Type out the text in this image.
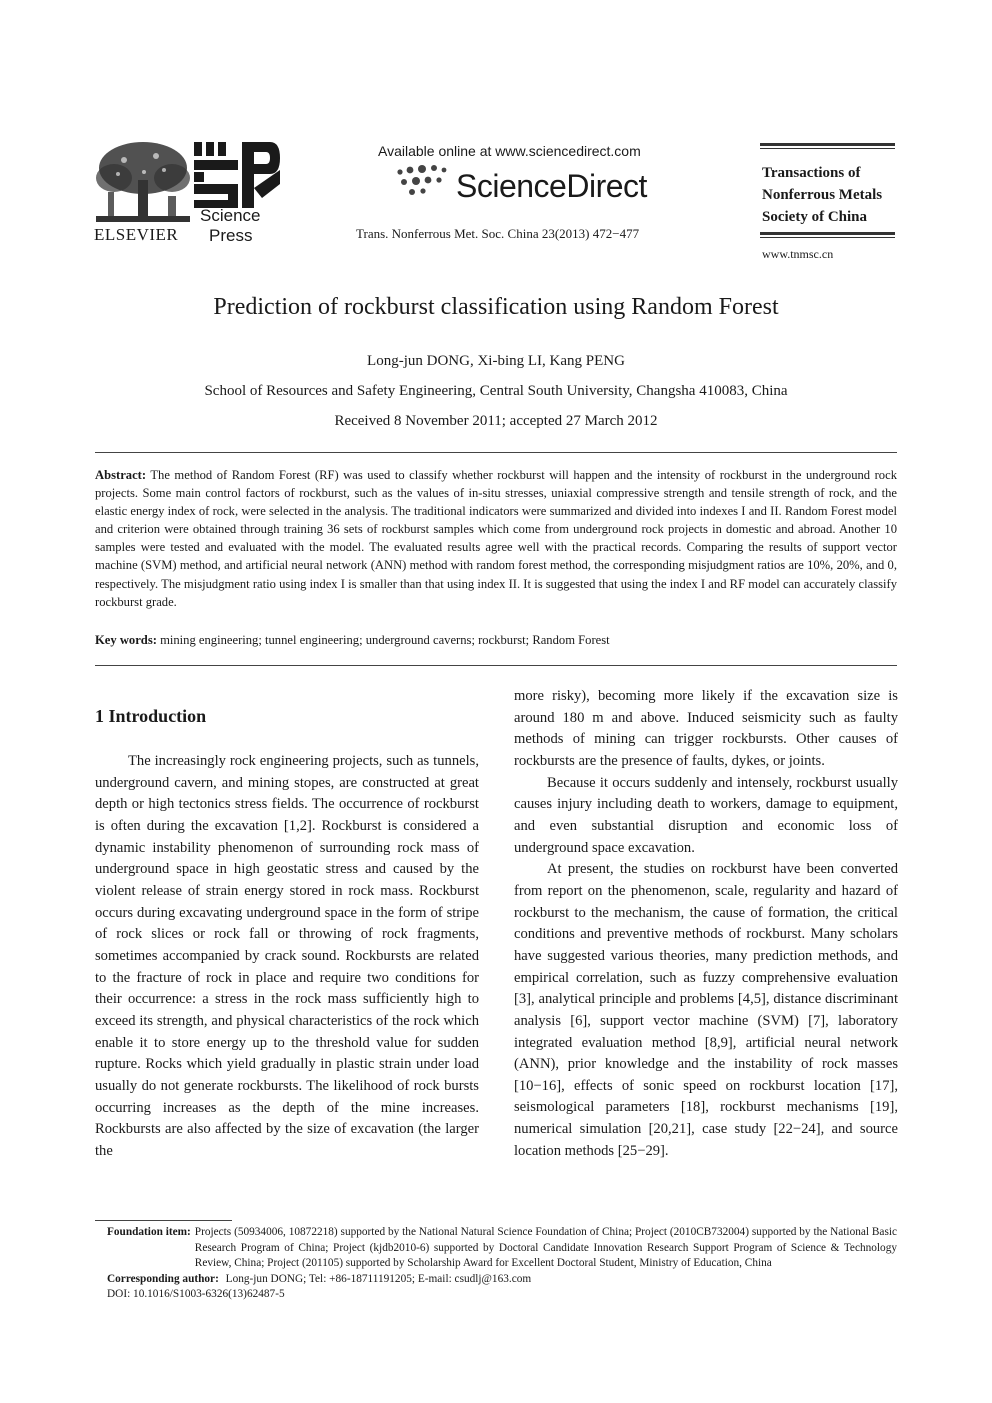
ELSEVIER
Science
Press
Available online at www.sciencedirect.com
ScienceDirect
Trans. Nonferrous Met. Soc. China 23(2013) 472−477
Transactions of
Nonferrous Metals
Society of China
www.tnmsc.cn
Prediction of rockburst classification using Random Forest
Long-jun DONG, Xi-bing LI, Kang PENG
School of Resources and Safety Engineering, Central South University, Changsha 410083, China
Received 8 November 2011; accepted 27 March 2012
Abstract: The method of Random Forest (RF) was used to classify whether rockburst will happen and the intensity of rockburst in the underground rock projects. Some main control factors of rockburst, such as the values of in-situ stresses, uniaxial compressive strength and tensile strength of rock, and the elastic energy index of rock, were selected in the analysis. The traditional indicators were summarized and divided into indexes I and II. Random Forest model and criterion were obtained through training 36 sets of rockburst samples which come from underground rock projects in domestic and abroad. Another 10 samples were tested and evaluated with the model. The evaluated results agree well with the practical records. Comparing the results of support vector machine (SVM) method, and artificial neural network (ANN) method with random forest method, the corresponding misjudgment ratios are 10%, 20%, and 0, respectively. The misjudgment ratio using index I is smaller than that using index II. It is suggested that using the index I and RF model can accurately classify rockburst grade.
Key words: mining engineering; tunnel engineering; underground caverns; rockburst; Random Forest
1 Introduction

The increasingly rock engineering projects, such as tunnels, underground cavern, and mining stopes, are constructed at great depth or high tectonics stress fields. The occurrence of rockburst is often during the excavation [1,2]. Rockburst is considered a dynamic instability phenomenon of surrounding rock mass of underground space in high geostatic stress and caused by the violent release of strain energy stored in rock mass. Rockburst occurs during excavating underground space in the form of stripe of rock slices or rock fall or throwing of rock fragments, sometimes accompanied by crack sound. Rockbursts are related to the fracture of rock in place and require two conditions for their occurrence: a stress in the rock mass sufficiently high to exceed its strength, and physical characteristics of the rock which enable it to store energy up to the threshold value for sudden rupture. Rocks which yield gradually in plastic strain under load usually do not generate rockbursts. The likelihood of rock bursts occurring increases as the depth of the mine increases. Rockbursts are also affected by the size of excavation (the larger the

more risky), becoming more likely if the excavation size is around 180 m and above. Induced seismicity such as faulty methods of mining can trigger rockbursts. Other causes of rockbursts are the presence of faults, dykes, or joints.

Because it occurs suddenly and intensely, rockburst usually causes injury including death to workers, damage to equipment, and even substantial disruption and economic loss of underground space excavation.

At present, the studies on rockburst have been converted from report on the phenomenon, scale, regularity and hazard of rockburst to the mechanism, the cause of formation, the critical conditions and preventive methods of rockburst. Many scholars have suggested various theories, many prediction methods, and empirical correlation, such as fuzzy comprehensive evaluation [3], analytical principle and problems [4,5], distance discriminant analysis [6], support vector machine (SVM) [7], laboratory integrated evaluation method [8,9], artificial neural network (ANN), prior knowledge and the instability of rock masses [10−16], effects of sonic speed on rockburst location [17], seismological parameters [18], rockburst mechanisms [19], numerical simulation [20,21], case study [22−24], and source location methods [25−29].

Foundation item: Projects (50934006, 10872218) supported by the National Natural Science Foundation of China; Project (2010CB732004) supported by the National Basic Research Program of China; Project (kjdb2010-6) supported by Doctoral Candidate Innovation Research Support Program of Science & Technology Review, China; Project (201105) supported by Scholarship Award for Excellent Doctoral Student, Ministry of Education, China
Corresponding author: Long-jun DONG; Tel: +86-18711191205; E-mail: csudlj@163.com
DOI: 10.1016/S1003-6326(13)62487-5
